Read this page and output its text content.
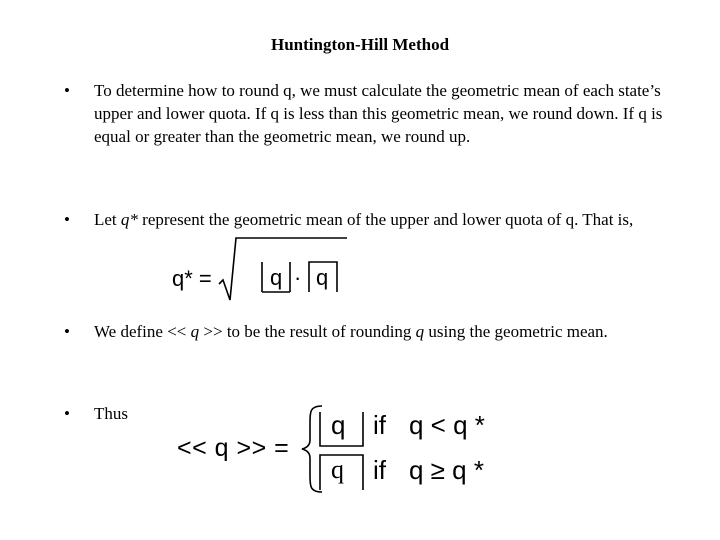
Huntington-Hill Method
• To determine how to round q, we must calculate the geometric mean of each state’s upper and lower quota. If q is less than this geometric mean, we round down. If q is equal or greater than the geometric mean, we round up.
• Let q* represent the geometric mean of the upper and lower quota of q. That is,
q* =	q · q
• We define << q >> to be the result of rounding q using the geometric mean.
• Thus
<< q >> =
q if q < q *
q if q ≥ q *
